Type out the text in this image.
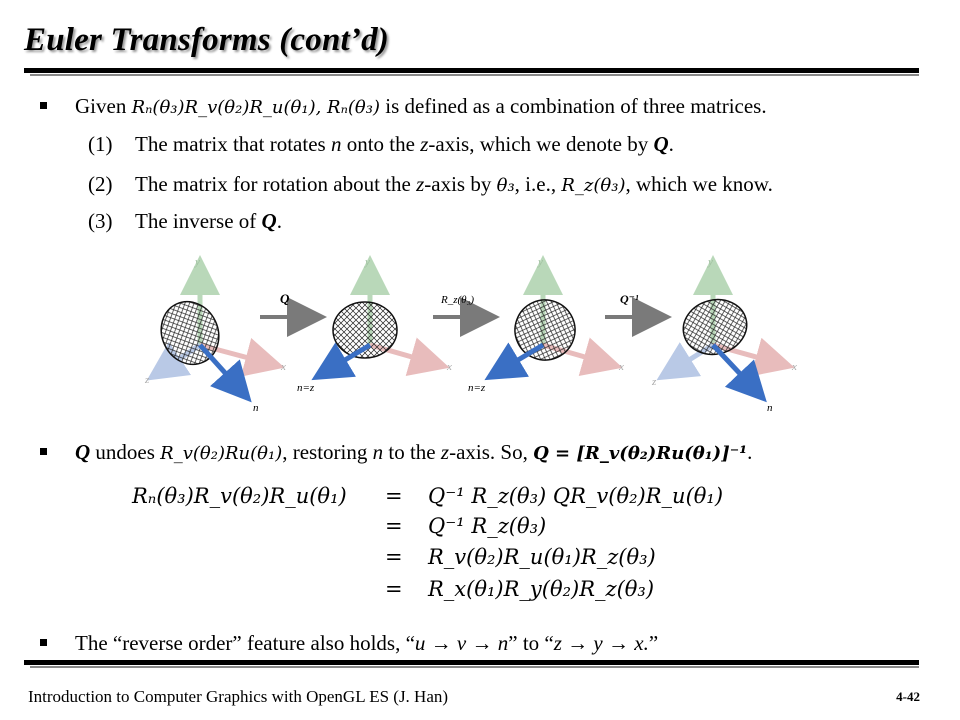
Euler Transforms (cont’d)
Given Rₙ(θ₃)R_v(θ₂)R_u(θ₁), Rₙ(θ₃) is defined as a combination of three matrices.
(1) The matrix that rotates n onto the z-axis, which we denote by Q.
(2) The matrix for rotation about the z-axis by θ₃, i.e., R_z(θ₃), which we know.
(3) The inverse of Q.
y
x
z
n
Q
y
x
n=z
R_z(θ₃)
y
x
n=z
Q⁻¹
y
x
z
n
Q undoes R_v(θ₂)Ru(θ₁), restoring n to the z-axis. So, Q = [R_v(θ₂)Ru(θ₁)]⁻¹.
Rₙ(θ₃)R_v(θ₂)R_u(θ₁) = Q⁻¹ R_z(θ₃) QR_v(θ₂)R_u(θ₁)
= Q⁻¹ R_z(θ₃)
= R_v(θ₂)R_u(θ₁)R_z(θ₃)
= R_x(θ₁)R_y(θ₂)R_z(θ₃)
The “reverse order” feature also holds, “u → v → n” to “z → y → x.”
Introduction to Computer Graphics with OpenGL ES (J. Han)	4-42
